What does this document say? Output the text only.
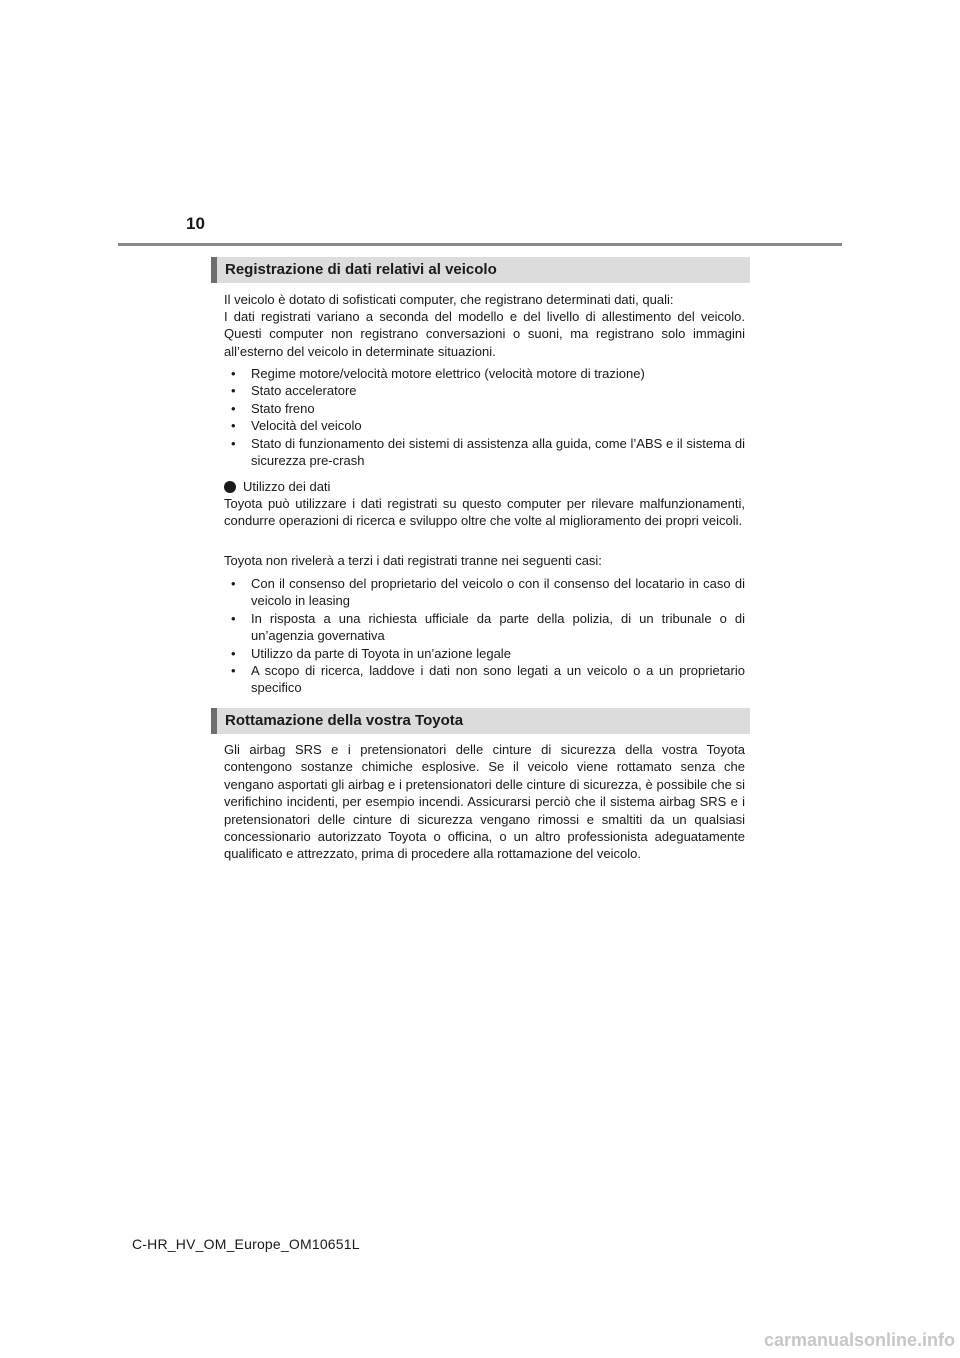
10
Registrazione di dati relativi al veicolo

Il veicolo è dotato di sofisticati computer, che registrano determinati dati, quali:

I dati registrati variano a seconda del modello e del livello di allestimento del veicolo. Questi computer non registrano conversazioni o suoni, ma registrano solo immagini all’esterno del veicolo in determinate situazioni.

• Regime motore/velocità motore elettrico (velocità motore di trazione)
• Stato acceleratore
• Stato freno
• Velocità del veicolo
• Stato di funzionamento dei sistemi di assistenza alla guida, come l’ABS e il sistema di sicurezza pre-crash
Utilizzo dei dati

Toyota può utilizzare i dati registrati su questo computer per rilevare malfunzionamenti, condurre operazioni di ricerca e sviluppo oltre che volte al miglioramento dei propri veicoli.

Toyota non rivelerà a terzi i dati registrati tranne nei seguenti casi:

• Con il consenso del proprietario del veicolo o con il consenso del locatario in caso di veicolo in leasing
• In risposta a una richiesta ufficiale da parte della polizia, di un tribunale o di un’agenzia governativa
• Utilizzo da parte di Toyota in un’azione legale
• A scopo di ricerca, laddove i dati non sono legati a un veicolo o a un proprietario specifico
Rottamazione della vostra Toyota

Gli airbag SRS e i pretensionatori delle cinture di sicurezza della vostra Toyota contengono sostanze chimiche esplosive. Se il veicolo viene rottamato senza che vengano asportati gli airbag e i pretensionatori delle cinture di sicurezza, è possibile che si verifichino incidenti, per esempio incendi. Assicurarsi perciò che il sistema airbag SRS e i pretensionatori delle cinture di sicurezza vengano rimossi e smaltiti da un qualsiasi concessionario autorizzato Toyota o officina, o un altro professionista adeguatamente qualificato e attrezzato, prima di procedere alla rottamazione del veicolo.

C-HR_HV_OM_Europe_OM10651L
carmanualsonline.info
